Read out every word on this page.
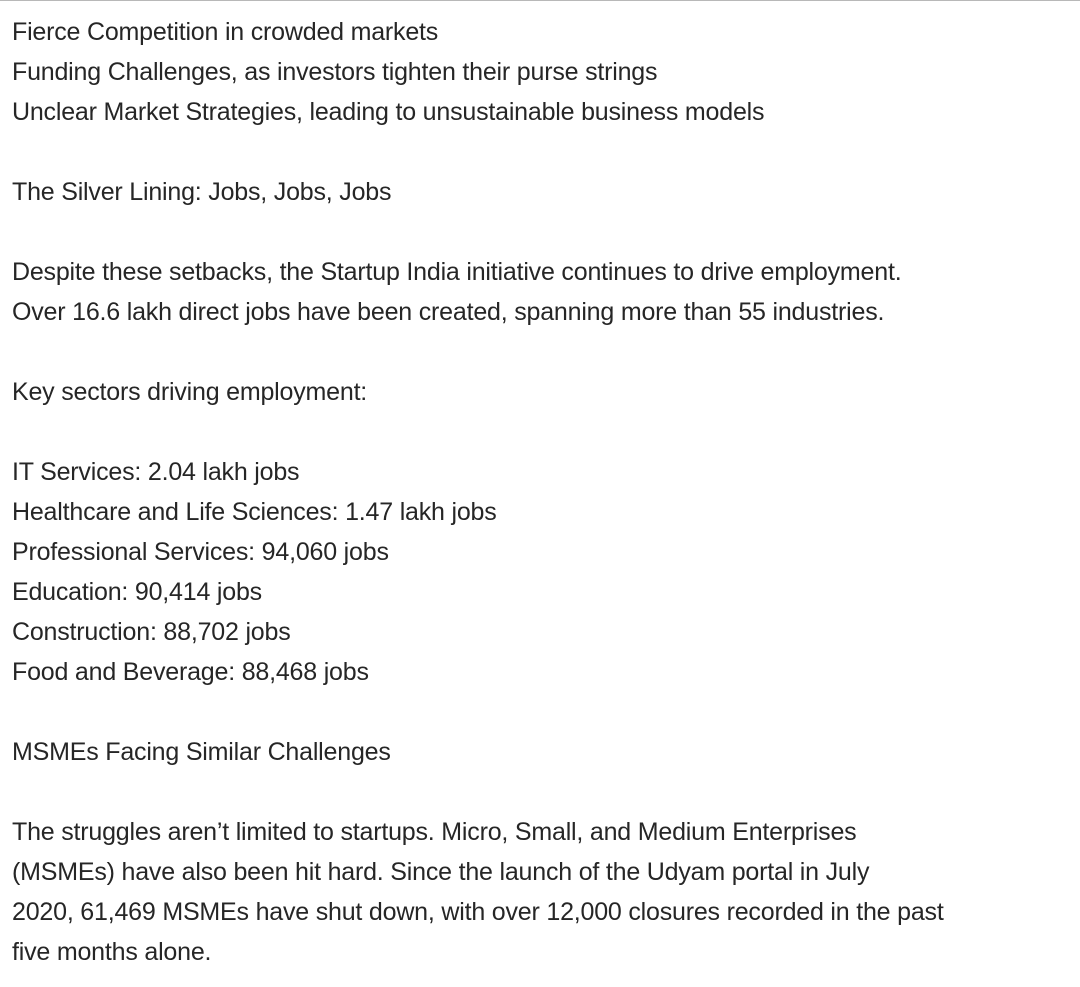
Fierce Competition in crowded markets
Funding Challenges, as investors tighten their purse strings
Unclear Market Strategies, leading to unsustainable business models
The Silver Lining: Jobs, Jobs, Jobs
Despite these setbacks, the Startup India initiative continues to drive employment.
Over 16.6 lakh direct jobs have been created, spanning more than 55 industries.
Key sectors driving employment:
IT Services: 2.04 lakh jobs
Healthcare and Life Sciences: 1.47 lakh jobs
Professional Services: 94,060 jobs
Education: 90,414 jobs
Construction: 88,702 jobs
Food and Beverage: 88,468 jobs
MSMEs Facing Similar Challenges
The struggles aren’t limited to startups. Micro, Small, and Medium Enterprises
(MSMEs) have also been hit hard. Since the launch of the Udyam portal in July
2020, 61,469 MSMEs have shut down, with over 12,000 closures recorded in the past
five months alone.
